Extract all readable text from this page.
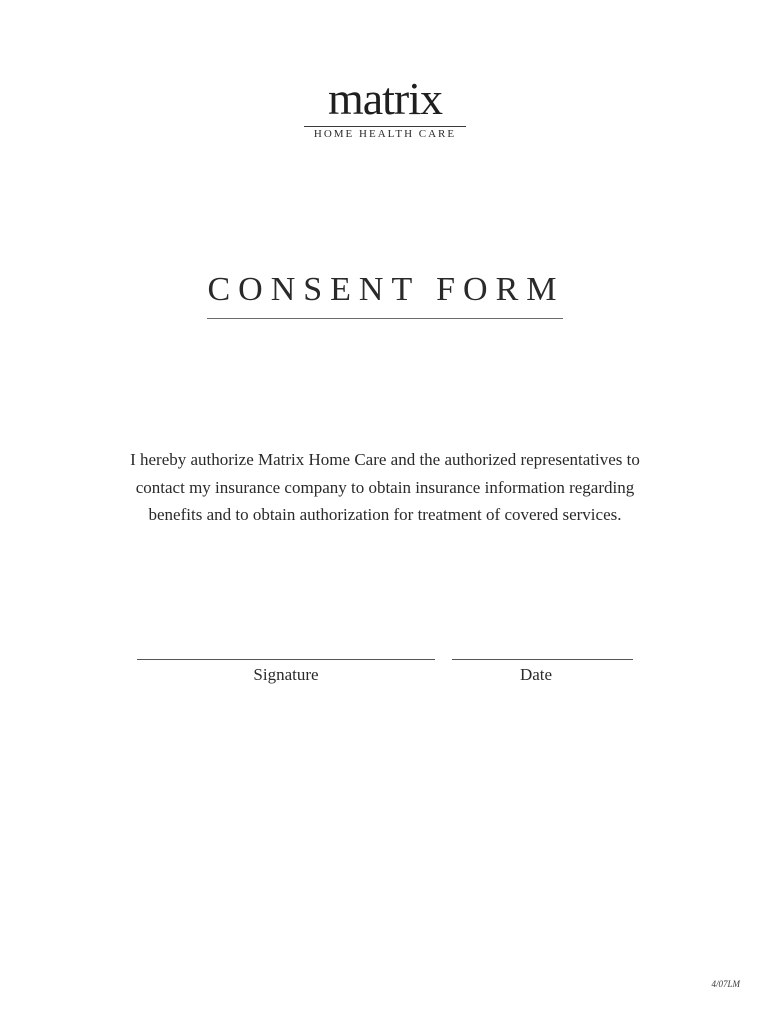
matrix
HOME HEALTH CARE
CONSENT FORM

I hereby authorize Matrix Home Care and the authorized representatives to contact my insurance company to obtain insurance information regarding benefits and to obtain authorization for treatment of covered services.

Signature	Date
4/07LM
